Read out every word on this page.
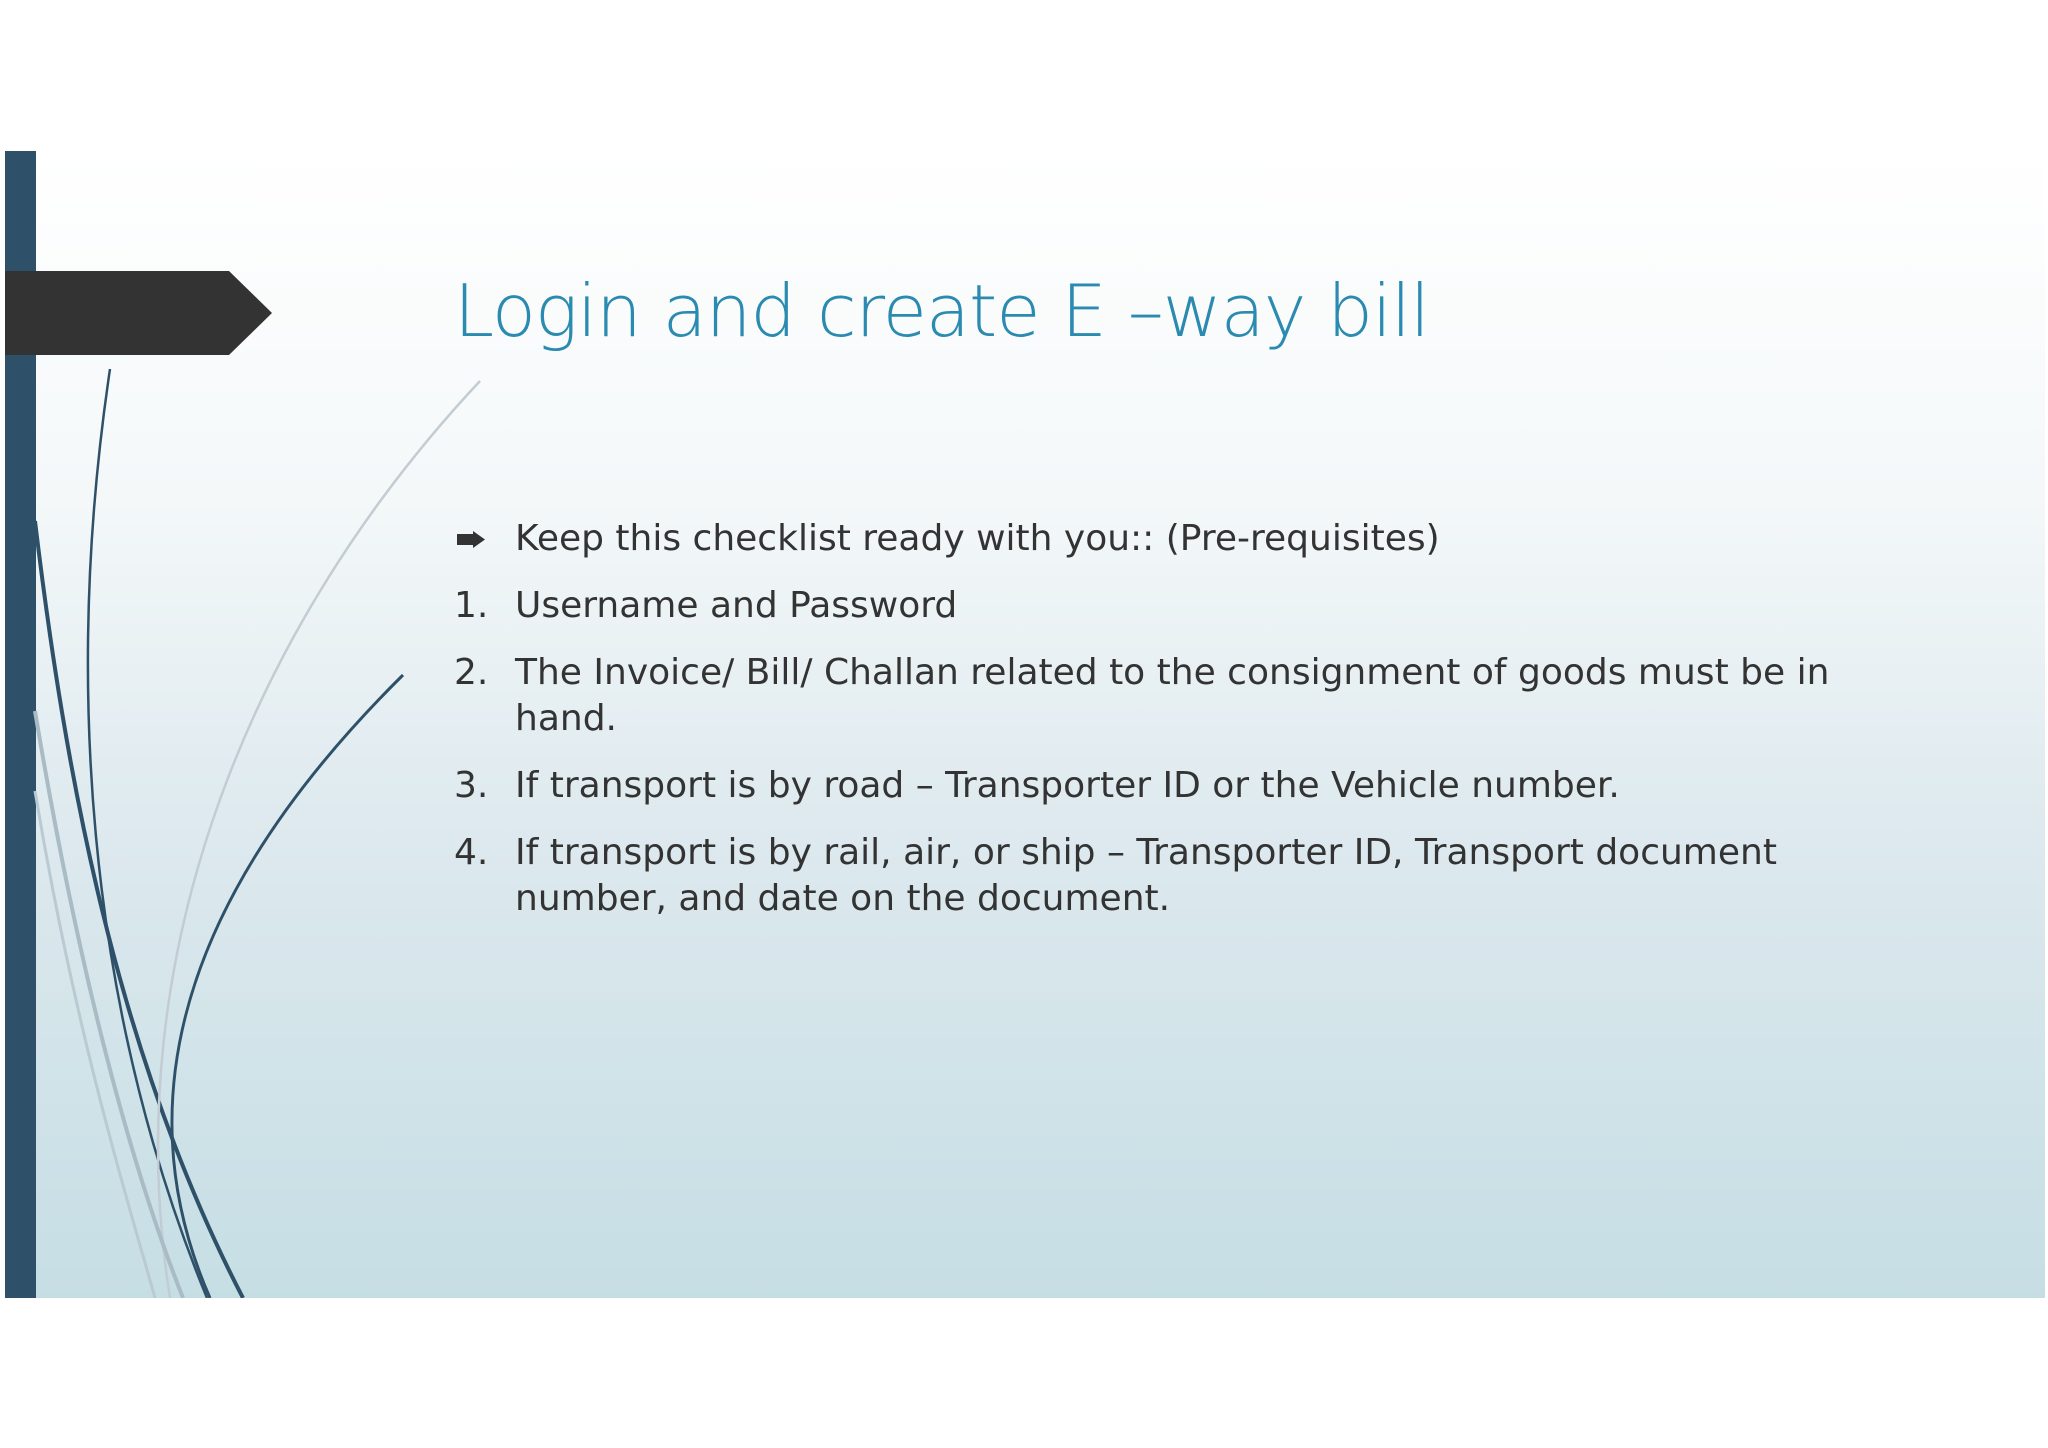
Login and create E –way bill
Keep this checklist ready with you:: (Pre-requisites)
1. Username and Password
2. The Invoice/ Bill/ Challan related to the consignment of goods must be in hand.
3. If transport is by road – Transporter ID or the Vehicle number.
4. If transport is by rail, air, or ship – Transporter ID, Transport document number, and date on the document.
